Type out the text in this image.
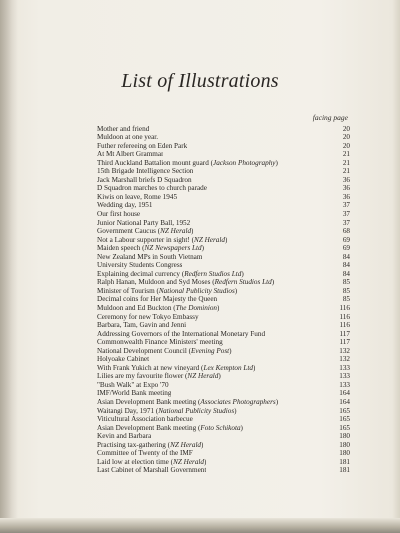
List of Illustrations
facing page
Mother and friend	20
Muldoon at one year.	20
Futher refereeing on Eden Park	20
At Mt Albert Grammar	21
Third Auckland Battalion mount guard (Jackson Photography)	21
15th Brigade Intelligence Section	21
Jack Marshall briefs D Squadron	36
D Squadron marches to church parade	36
Kiwis on leave, Rome 1945	36
Wedding day, 1951	37
Our first house	37
Junior National Party Ball, 1952	37
Government Caucus (NZ Herald)	68
Not a Labour supporter in sight! (NZ Herald)	69
Maiden speech (NZ Newspapers Ltd)	69
New Zealand MPs in South Vietnam	84
University Students Congress	84
Explaining decimal currency (Redfern Studios Ltd)	84
Ralph Hanan, Muldoon and Syd Moses (Redfern Studios Ltd)	85
Minister of Tourism (National Publicity Studios)	85
Decimal coins for Her Majesty the Queen	85
Muldoon and Ed Buckton (The Dominion)	116
Ceremony for new Tokyo Embassy	116
Barbara, Tam, Gavin and Jenni	116
Addressing Governors of the International Monetary Fund	117
Commonwealth Finance Ministers' meeting	117
National Development Council (Evening Post)	132
Holyoake Cabinet	132
With Frank Yukich at new vineyard (Lex Kempton Ltd)	133
Lilies are my favourite flower (NZ Herald)	133
"Bush Walk" at Expo '70	133
IMF/World Bank meeting	164
Asian Development Bank meeting (Associates Photographers)	164
Waitangi Day, 1971 (National Publicity Studios)	165
Viticultural Association barbecue	165
Asian Development Bank meeting (Foto Schikota)	165
Kevin and Barbara	180
Practising tax-gathering (NZ Herald)	180
Committee of Twenty of the IMF	180
Laid low at election time (NZ Herald)	181
Last Cabinet of Marshall Government	181
